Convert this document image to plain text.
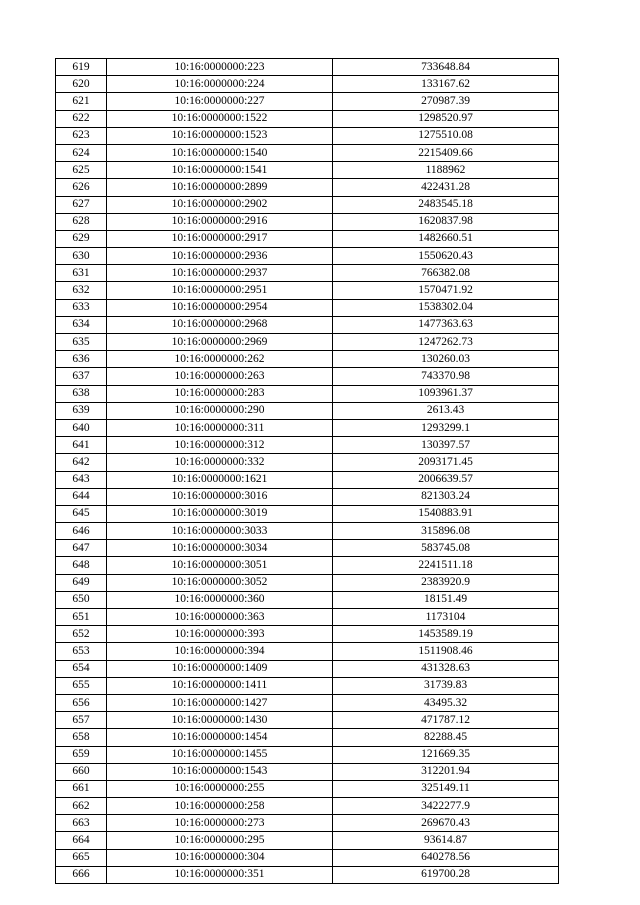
619	10:16:0000000:223	733648.84
620	10:16:0000000:224	133167.62
621	10:16:0000000:227	270987.39
622	10:16:0000000:1522	1298520.97
623	10:16:0000000:1523	1275510.08
624	10:16:0000000:1540	2215409.66
625	10:16:0000000:1541	1188962
626	10:16:0000000:2899	422431.28
627	10:16:0000000:2902	2483545.18
628	10:16:0000000:2916	1620837.98
629	10:16:0000000:2917	1482660.51
630	10:16:0000000:2936	1550620.43
631	10:16:0000000:2937	766382.08
632	10:16:0000000:2951	1570471.92
633	10:16:0000000:2954	1538302.04
634	10:16:0000000:2968	1477363.63
635	10:16:0000000:2969	1247262.73
636	10:16:0000000:262	130260.03
637	10:16:0000000:263	743370.98
638	10:16:0000000:283	1093961.37
639	10:16:0000000:290	2613.43
640	10:16:0000000:311	1293299.1
641	10:16:0000000:312	130397.57
642	10:16:0000000:332	2093171.45
643	10:16:0000000:1621	2006639.57
644	10:16:0000000:3016	821303.24
645	10:16:0000000:3019	1540883.91
646	10:16:0000000:3033	315896.08
647	10:16:0000000:3034	583745.08
648	10:16:0000000:3051	2241511.18
649	10:16:0000000:3052	2383920.9
650	10:16:0000000:360	18151.49
651	10:16:0000000:363	1173104
652	10:16:0000000:393	1453589.19
653	10:16:0000000:394	1511908.46
654	10:16:0000000:1409	431328.63
655	10:16:0000000:1411	31739.83
656	10:16:0000000:1427	43495.32
657	10:16:0000000:1430	471787.12
658	10:16:0000000:1454	82288.45
659	10:16:0000000:1455	121669.35
660	10:16:0000000:1543	312201.94
661	10:16:0000000:255	325149.11
662	10:16:0000000:258	3422277.9
663	10:16:0000000:273	269670.43
664	10:16:0000000:295	93614.87
665	10:16:0000000:304	640278.56
666	10:16:0000000:351	619700.28
